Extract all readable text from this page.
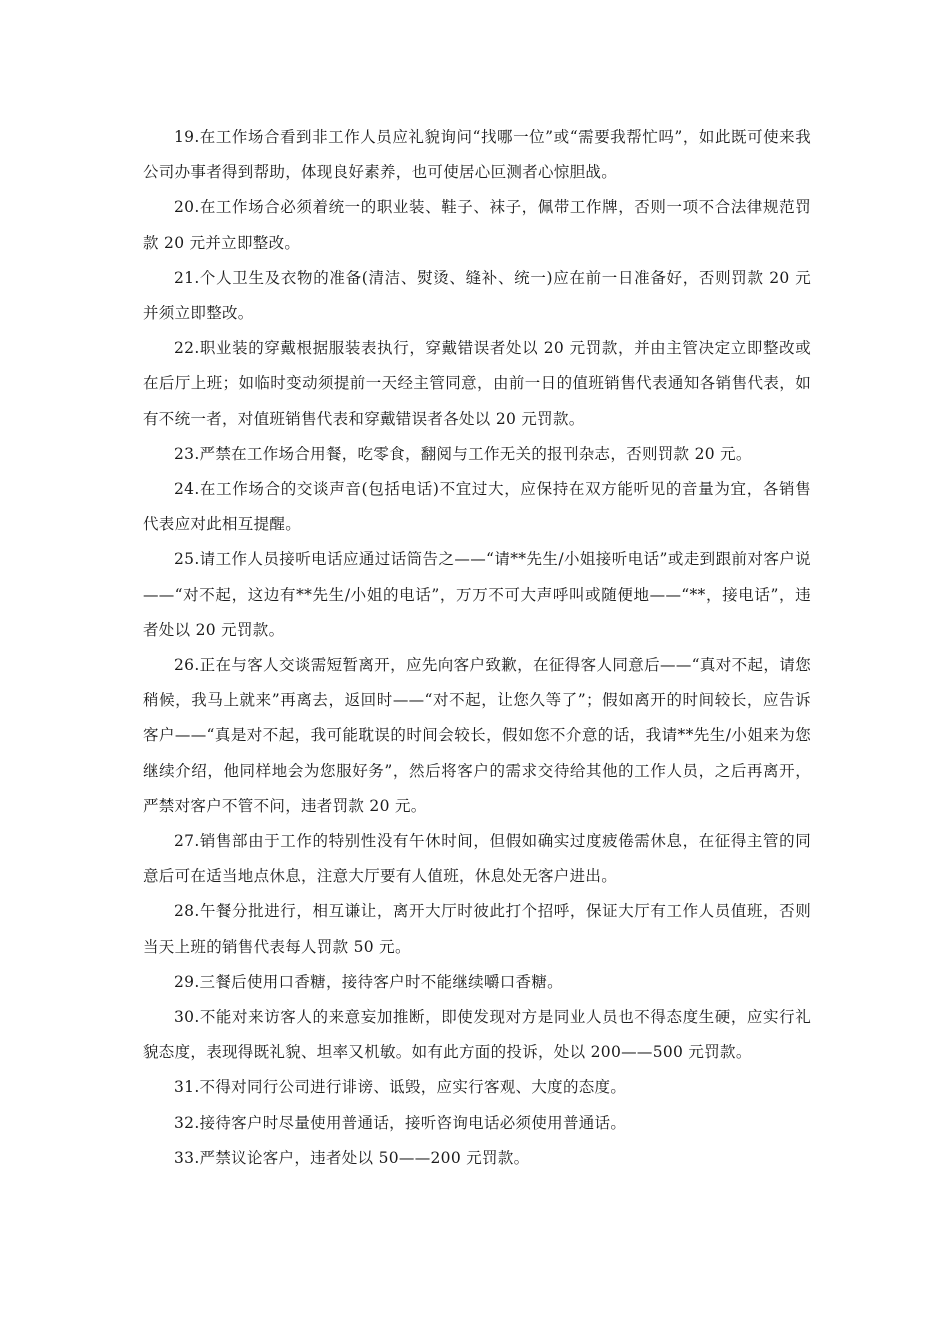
19.在工作场合看到非工作人员应礼貌询问“找哪一位”或“需要我帮忙吗”，如此既可使来我公司办事者得到帮助，体现良好素养，也可使居心叵测者心惊胆战。

20.在工作场合必须着统一的职业装、鞋子、袜子，佩带工作牌，否则一项不合法律规范罚款 20 元并立即整改。

21.个人卫生及衣物的准备(清洁、熨烫、缝补、统一)应在前一日准备好，否则罚款 20 元并须立即整改。

22.职业装的穿戴根据服装表执行，穿戴错误者处以 20 元罚款，并由主管决定立即整改或在后厅上班；如临时变动须提前一天经主管同意，由前一日的值班销售代表通知各销售代表，如有不统一者，对值班销售代表和穿戴错误者各处以 20 元罚款。

23.严禁在工作场合用餐，吃零食，翻阅与工作无关的报刊杂志，否则罚款 20 元。

24.在工作场合的交谈声音(包括电话)不宜过大，应保持在双方能听见的音量为宜，各销售代表应对此相互提醒。

25.请工作人员接听电话应通过话筒告之——“请**先生/小姐接听电话”或走到跟前对客户说——“对不起，这边有**先生/小姐的电话”，万万不可大声呼叫或随便地——“**，接电话”，违者处以 20 元罚款。

26.正在与客人交谈需短暂离开，应先向客户致歉，在征得客人同意后——“真对不起，请您稍候，我马上就来”再离去，返回时——“对不起，让您久等了”；假如离开的时间较长，应告诉客户——“真是对不起，我可能耽误的时间会较长，假如您不介意的话，我请**先生/小姐来为您继续介绍，他同样地会为您服好务”，然后将客户的需求交待给其他的工作人员，之后再离开，严禁对客户不管不问，违者罚款 20 元。

27.销售部由于工作的特别性没有午休时间，但假如确实过度疲倦需休息，在征得主管的同意后可在适当地点休息，注意大厅要有人值班，休息处无客户进出。

28.午餐分批进行，相互谦让，离开大厅时彼此打个招呼，保证大厅有工作人员值班，否则当天上班的销售代表每人罚款 50 元。

29.三餐后使用口香糖，接待客户时不能继续嚼口香糖。

30.不能对来访客人的来意妄加推断，即使发现对方是同业人员也不得态度生硬，应实行礼貌态度，表现得既礼貌、坦率又机敏。如有此方面的投诉，处以 200——500 元罚款。

31.不得对同行公司进行诽谤、诋毁，应实行客观、大度的态度。

32.接待客户时尽量使用普通话，接听咨询电话必须使用普通话。

33.严禁议论客户，违者处以 50——200 元罚款。
